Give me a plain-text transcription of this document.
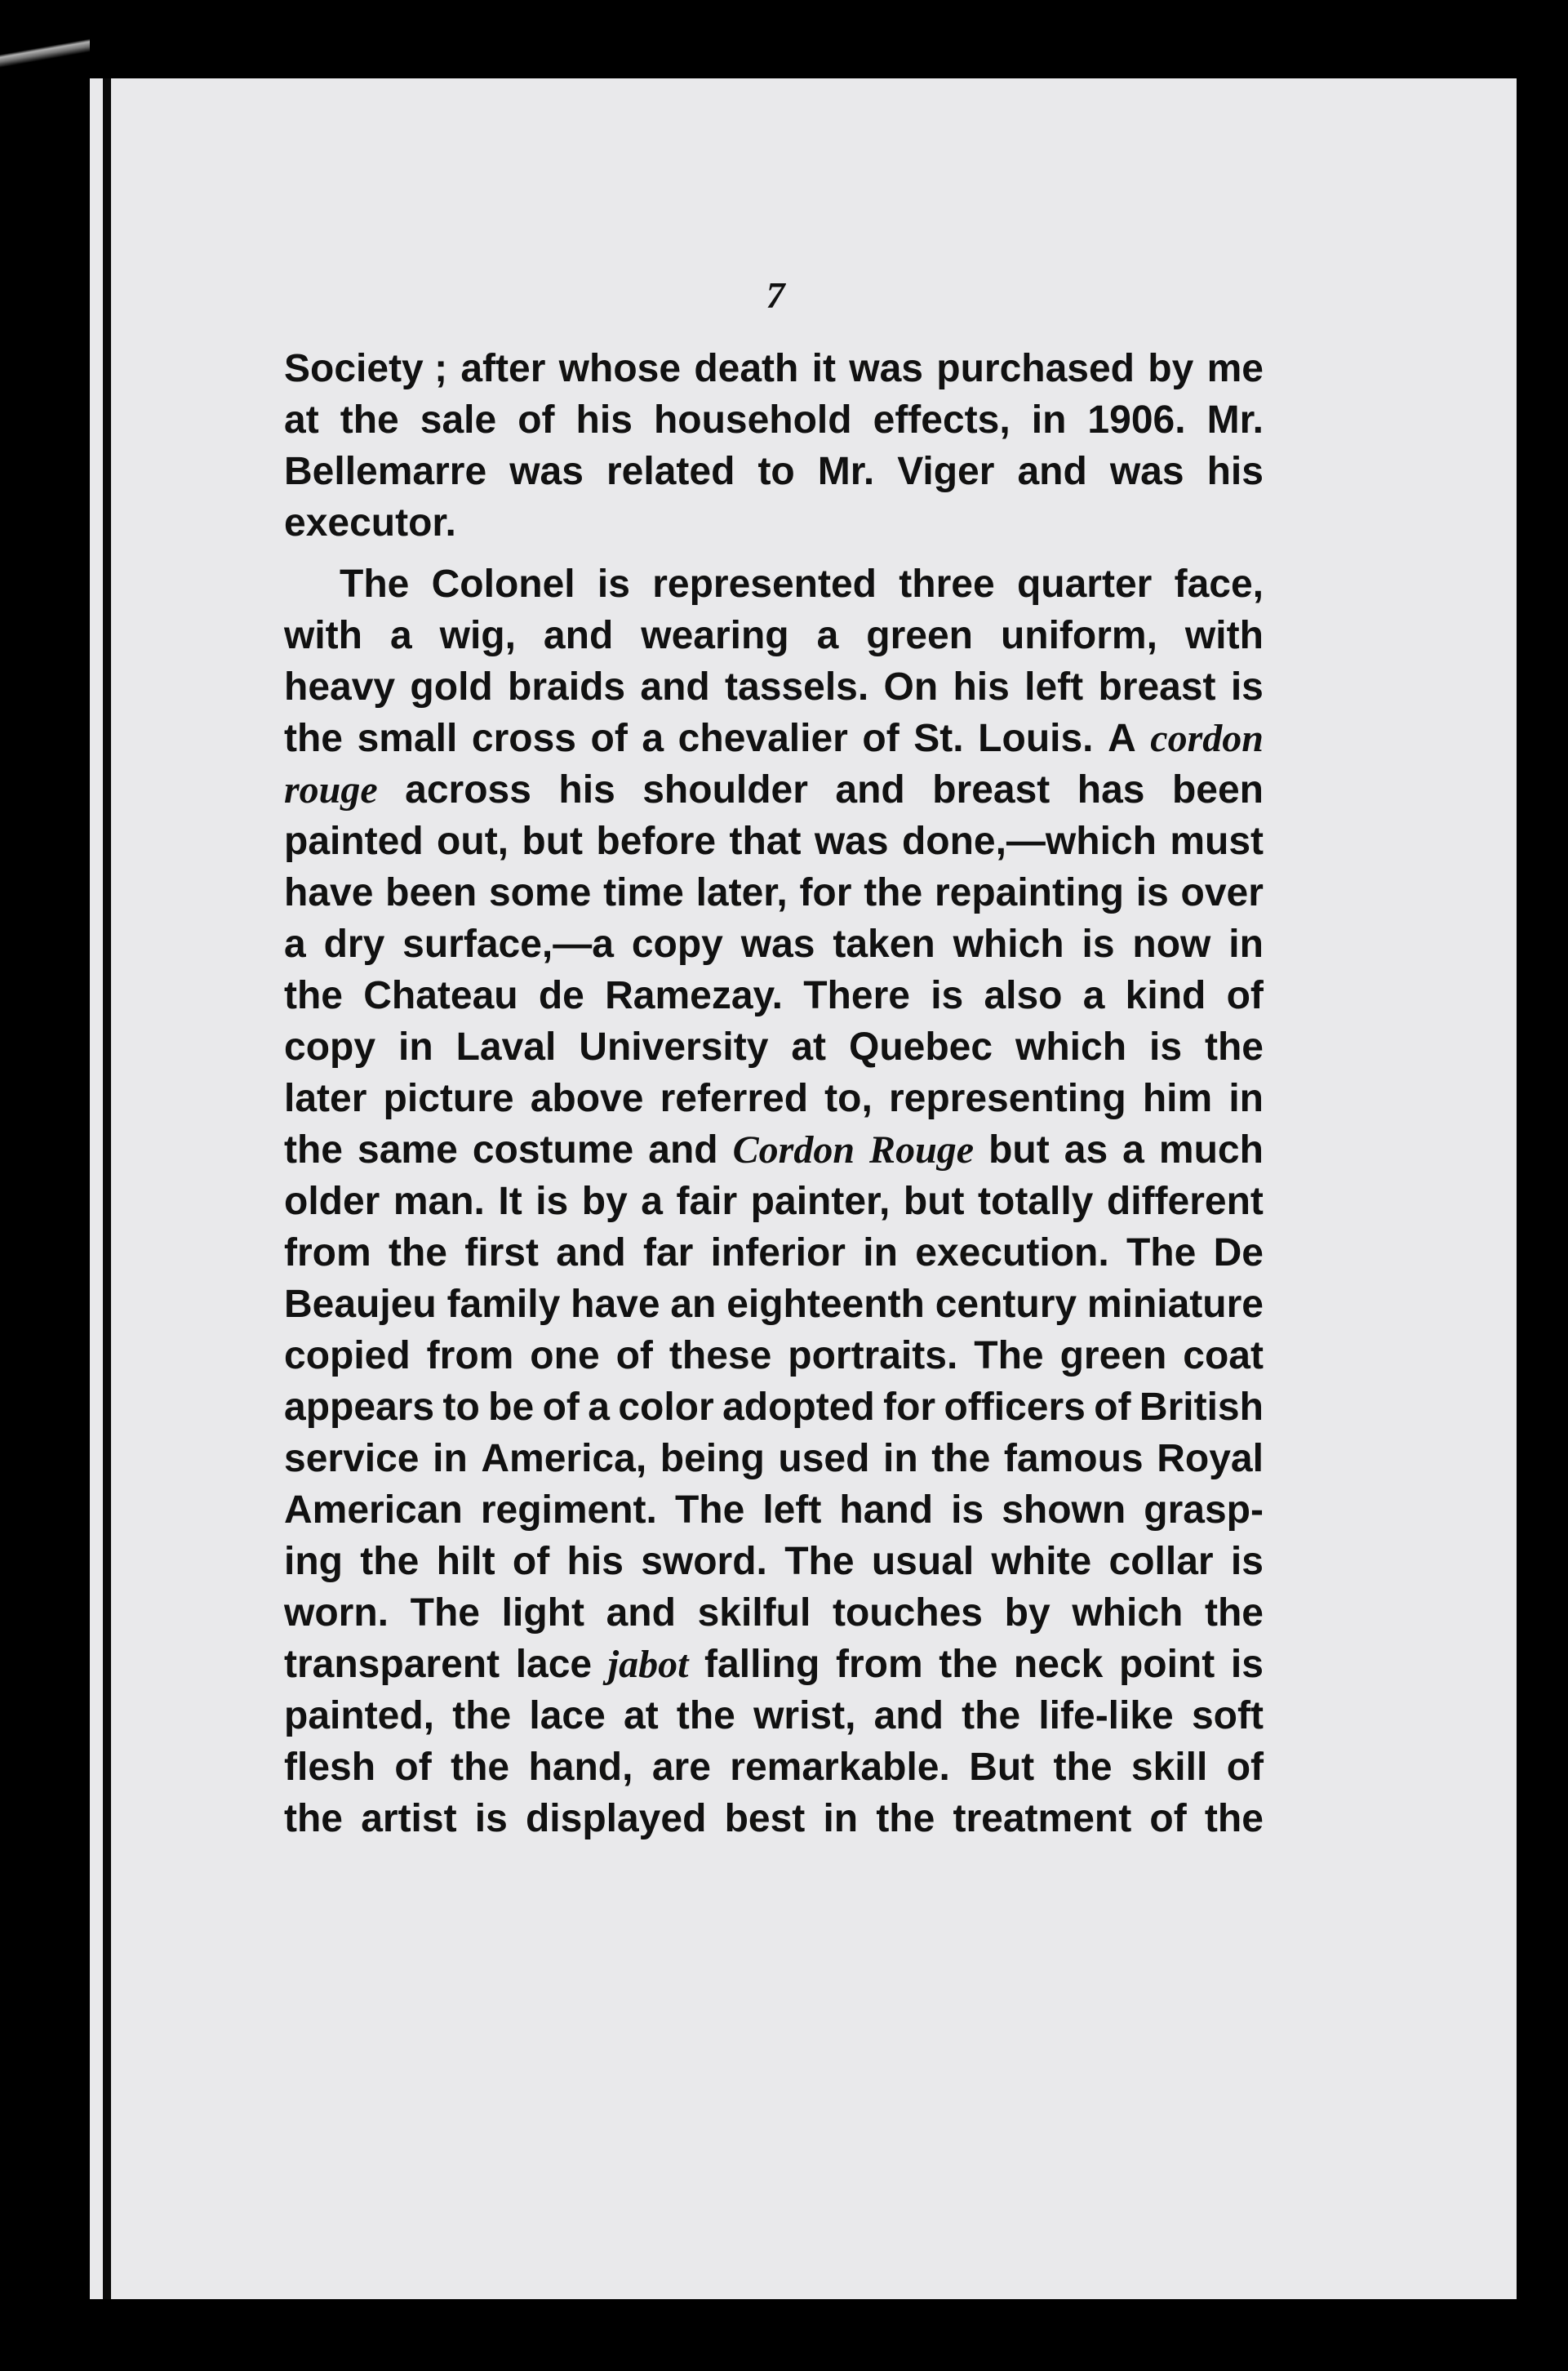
7
Society ; after whose death it was purchased by me
at the sale of his household effects, in 1906. Mr.
Bellemarre was related to Mr. Viger and was his
executor.
The Colonel is represented three quarter face,
with a wig, and wearing a green uniform, with
heavy gold braids and tassels. On his left breast is
the small cross of a chevalier of St. Louis. A cordon
rouge across his shoulder and breast has been
painted out, but before that was done,—which must
have been some time later, for the repainting is over
a dry surface,—a copy was taken which is now in
the Chateau de Ramezay. There is also a kind of
copy in Laval University at Quebec which is the
later picture above referred to, representing him in
the same costume and Cordon Rouge but as a much
older man. It is by a fair painter, but totally different
from the first and far inferior in execution. The De
Beaujeu family have an eighteenth century miniature
copied from one of these portraits. The green coat
appears to be of a color adopted for officers of British
service in America, being used in the famous Royal
American regiment. The left hand is shown grasp-
ing the hilt of his sword. The usual white collar is
worn. The light and skilful touches by which the
transparent lace jabot falling from the neck point is
painted, the lace at the wrist, and the life-like soft
flesh of the hand, are remarkable. But the skill of
the artist is displayed best in the treatment of the
